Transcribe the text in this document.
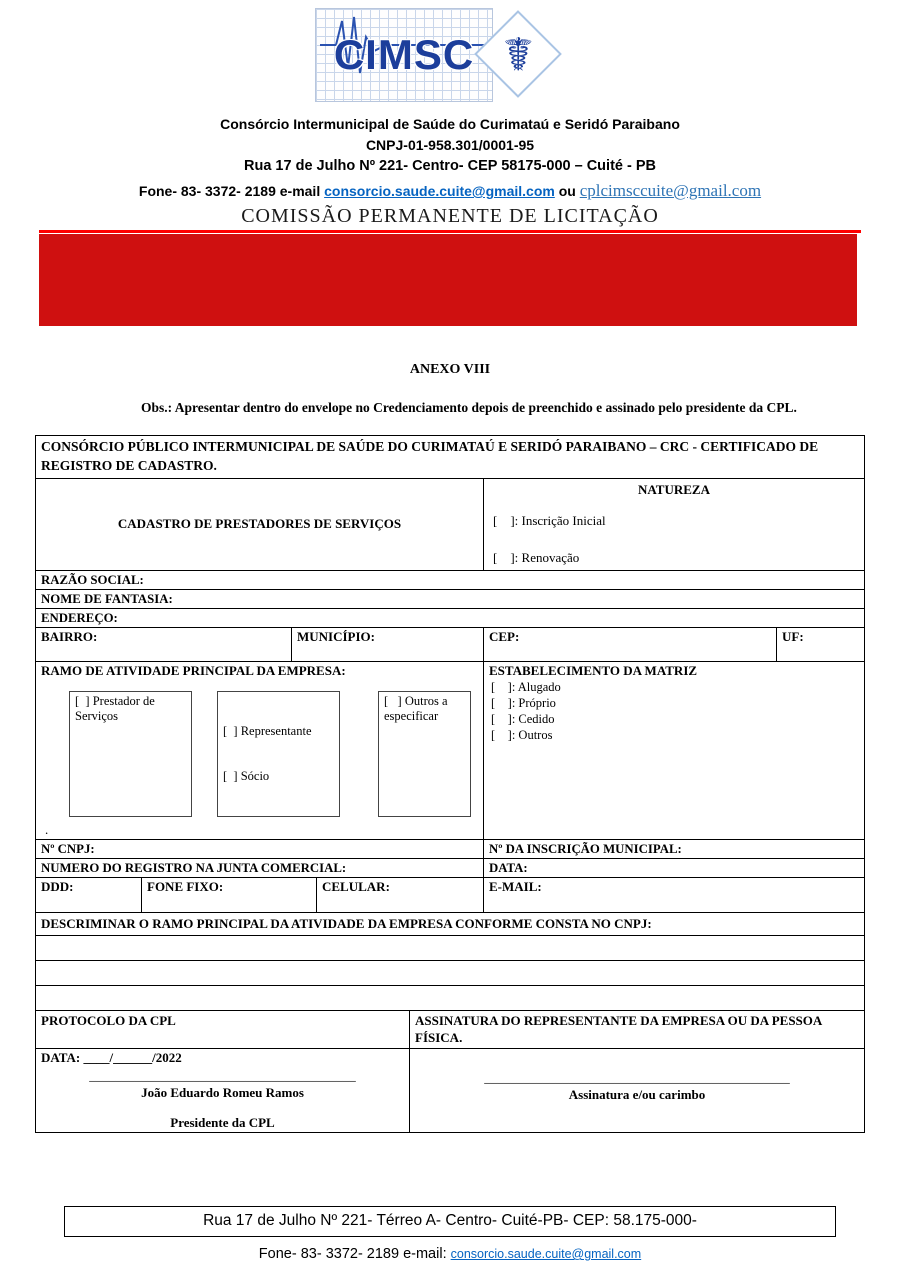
CIMSC ☤
Consórcio Intermunicipal de Saúde do Curimataú e Seridó Paraibano
CNPJ-01-958.301/0001-95
Rua 17 de Julho Nº 221- Centro- CEP 58175-000 – Cuité - PB
Fone- 83- 3372- 2189 e-mail consorcio.saude.cuite@gmail.com ou cplcimsccuite@gmail.com
COMISSÃO PERMANENTE DE LICITAÇÃO
ANEXO VIII
Obs.: Apresentar dentro do envelope no Credenciamento depois de preenchido e assinado pelo presidente da CPL.
CONSÓRCIO PÚBLICO INTERMUNICIPAL DE SAÚDE DO CURIMATAÚ E SERIDÓ PARAIBANO – CRC - CERTIFICADO DE REGISTRO DE CADASTRO.
CADASTRO DE PRESTADORES DE SERVIÇOS
NATUREZA
[    ]: Inscrição Inicial
[    ]: Renovação
RAZÃO SOCIAL:
NOME DE FANTASIA:
ENDEREÇO:
BAIRRO:	MUNICÍPIO:	CEP:	UF:
RAMO DE ATIVIDADE PRINCIPAL DA EMPRESA:
[  ] Prestador de Serviços

[  ] Representante

[  ] Sócio

[   ] Outros a especificar
.
ESTABELECIMENTO DA MATRIZ
[    ]: Alugado
[    ]: Próprio
[    ]: Cedido
[    ]: Outros
Nº CNPJ:	Nº DA INSCRIÇÃO MUNICIPAL:
NUMERO DO REGISTRO NA JUNTA COMERCIAL:	DATA:
DDD:	FONE FIXO:	CELULAR:	E-MAIL:
DESCRIMINAR O RAMO PRINCIPAL DA ATIVIDADE DA EMPRESA CONFORME CONSTA NO CNPJ:
PROTOCOLO DA CPL	ASSINATURA DO REPRESENTANTE DA EMPRESA OU DA PESSOA FÍSICA.
DATA: ____/______/2022
_________________________________________
João Eduardo Romeu Ramos
Presidente da CPL
_______________________________________________
Assinatura e/ou carimbo
Rua 17 de Julho Nº 221- Térreo A- Centro- Cuité-PB- CEP: 58.175-000-
Fone- 83- 3372- 2189 e-mail: consorcio.saude.cuite@gmail.com
